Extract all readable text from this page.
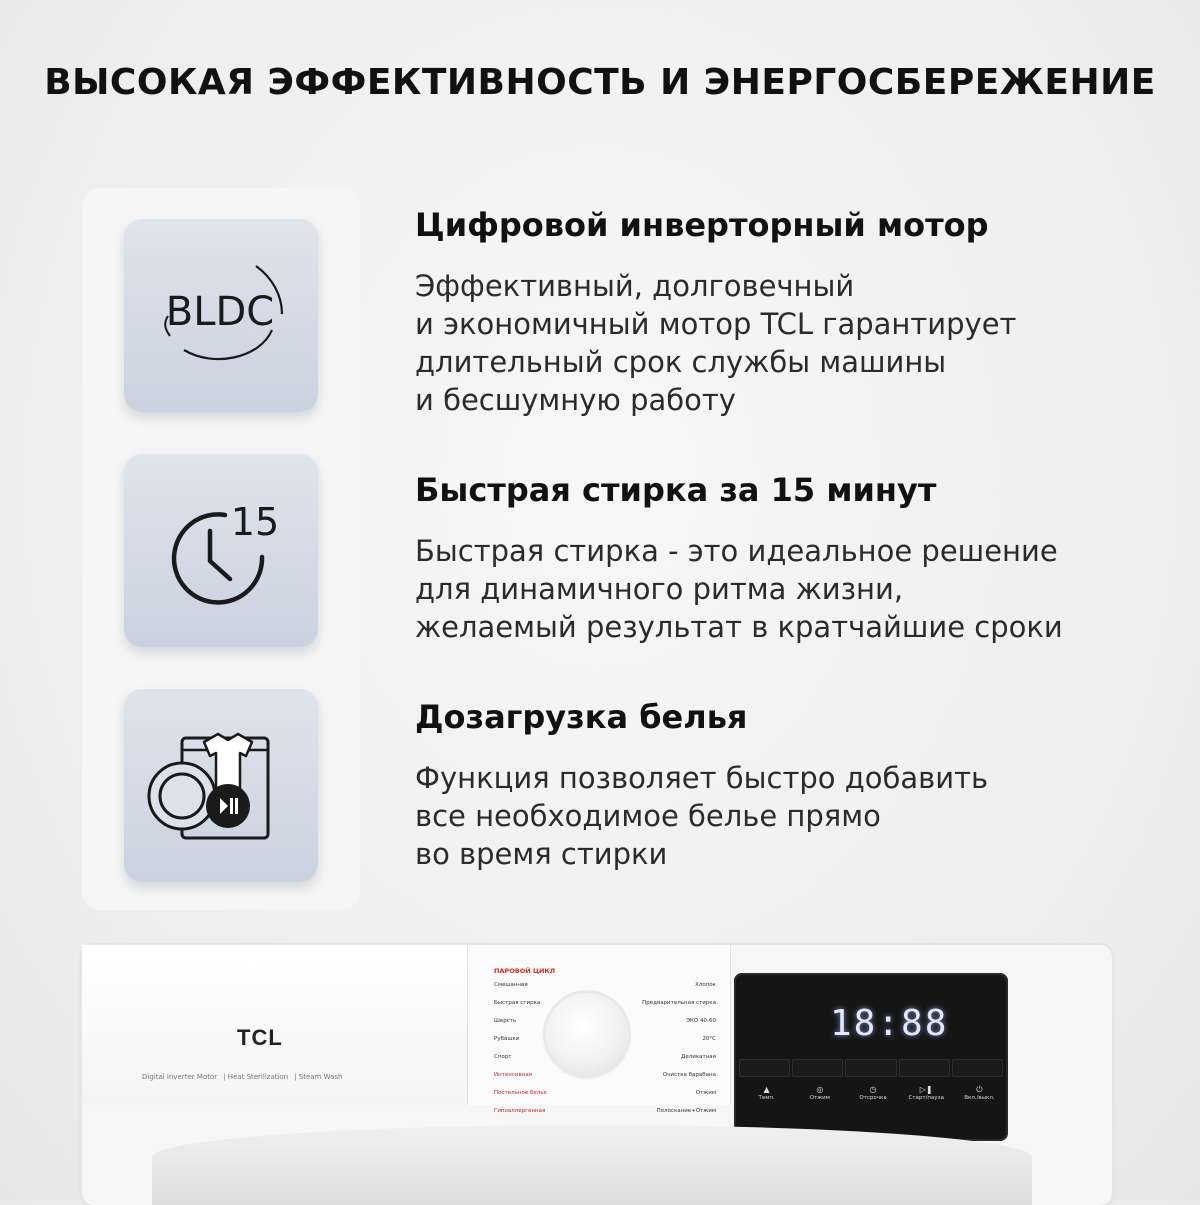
ВЫСОКАЯ ЭФФЕКТИВНОСТЬ И ЭНЕРГОСБЕРЕЖЕНИЕ
BLDC
15
Цифровой инверторный мотор

Эффективный, долговечный
и экономичный мотор TCL гарантирует
длительный срок службы машины
и бесшумную работу

Быстрая стирка за 15 минут

Быстрая стирка - это идеальное решение
для динамичного ритма жизни,
желаемый результат в кратчайшие сроки

Дозагрузка белья

Функция позволяет быстро добавить
все необходимое белье прямо
во время стирки

TCL
Digital Inverter Motor | Heat Sterilization | Steam Wash
ПАРОВОЙ ЦИКЛ
Смешанная
Быстрая стирка
Шерсть
Рубашки
Спорт
Интенсивная
Постельное белье
Гипоаллергенная
Хлопок
Предварительная стирка
ЭКО 40-60
20°C
Деликатная
Очистка барабана
Отжим
Полоскание+Отжим
18:88
▲	◎	◷	▷❚	⏻
Темп.	Отжим	Отсрочка	Старт/пауза	Вкл./выкл.
